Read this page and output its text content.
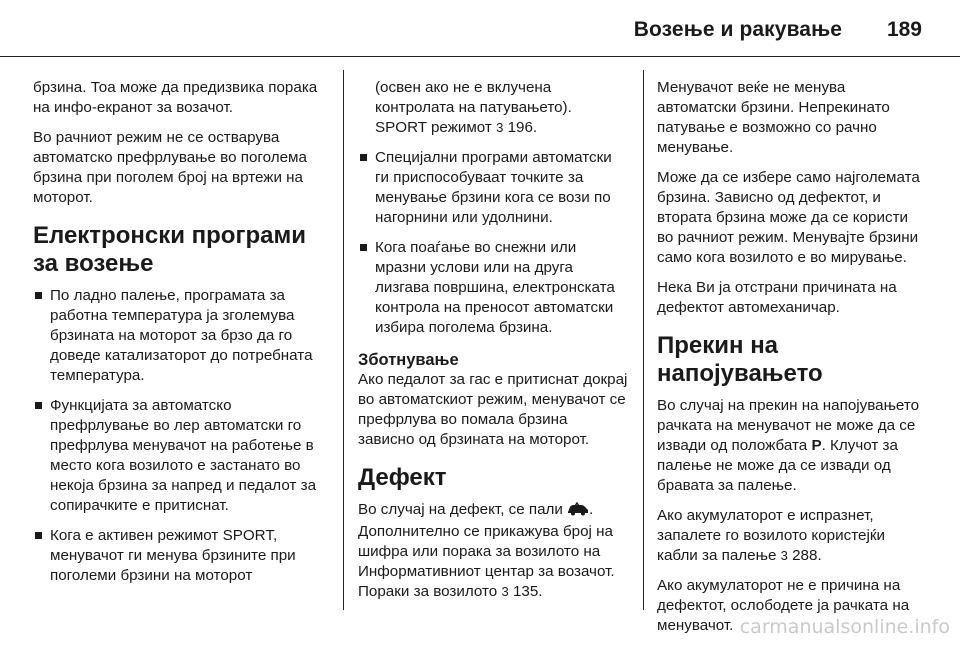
Возење и ракување 189

брзина. Тоа може да предизвика порака на инфо-екранот за возачот.

Во рачниот режим не се остварува автоматско префрлување во поголема брзина при поголем број на вртежи на моторот.

Електронски програми за возење
По ладно палење, програмата за работна температура ја зголемува брзината на моторот за брзо да го доведе катализаторот до потребната температура.
Функцијата за автоматско префрлување во лер автоматски го префрлува менувачот на работење в место кога возилото е застанато во некоја брзина за напред и педалот за сопирачките е притиснат.
Кога е активен режимот SPORT, менувачот ги менува брзините при поголеми брзини на моторот

(освен ако не е вклучена контролата на патувањето).
SPORT режимот 3 196.

Специјални програми автоматски ги приспособуваат точките за менување брзини кога се вози по нагорнини или удолнини.
Кога поаѓање во снежни или мразни услови или на друга лизгава површина, електронската контрола на преносот автоматски избира поголема брзина.
Зботнување

Ако педалот за гас е притиснат докрај во автоматскиот режим, менувачот се префрлува во помала брзина зависно од брзината на моторот.

Дефект

Во случај на дефект, се пали . Дополнително се прикажува број на шифра или порака за возилото на Информативниот центар за возачот. Пораки за возилото 3 135.

Менувачот веќе не менува автоматски брзини. Непрекинато патување е возможно со рачно менување.

Може да се избере само најголемата брзина. Зависно од дефектот, и втората брзина може да се користи во рачниот режим. Менувајте брзини само кога возилото е во мирување.

Нека Ви ја отстрани причината на дефектот автомеханичар.

Прекин на напојувањето

Во случај на прекин на напојувањето рачката на менувачот не може да се извади од положбата P. Клучот за палење не може да се извади од бравата за палење.

Ако акумулаторот е испразнет, запалете го возилото користејќи кабли за палење 3 288.

Ако акумулаторот не е причина на дефектот, ослободете ја рачката на менувачот. carmanualsonline.info
